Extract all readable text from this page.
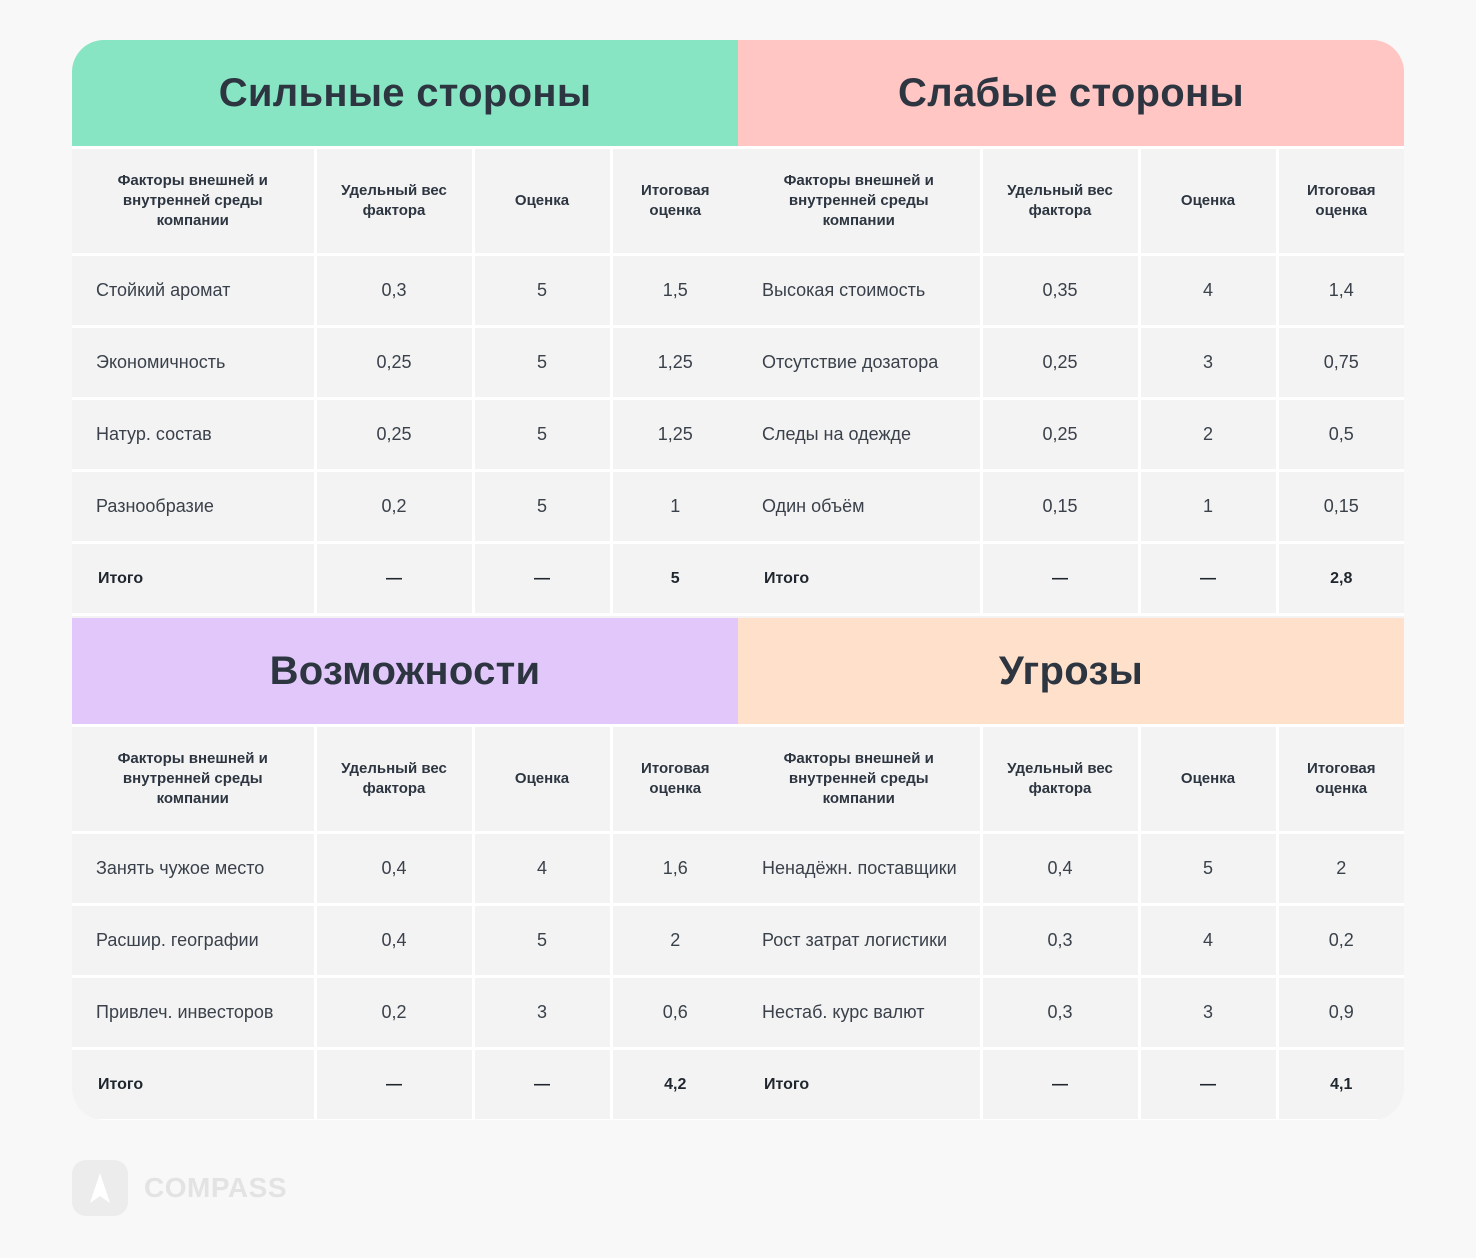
Сильные стороны
Факторы внешней и внутренней среды компании	Удельный вес фактора	Оценка	Итоговая оценка
Стойкий аромат	0,3	5	1,5
Экономичность	0,25	5	1,25
Натур. состав	0,25	5	1,25
Разнообразие	0,2	5	1
Итого	—	—	5
Слабые стороны
Факторы внешней и внутренней среды компании	Удельный вес фактора	Оценка	Итоговая оценка
Высокая стоимость	0,35	4	1,4
Отсутствие дозатора	0,25	3	0,75
Следы на одежде	0,25	2	0,5
Один объём	0,15	1	0,15
Итого	—	—	2,8
Возможности
Факторы внешней и внутренней среды компании	Удельный вес фактора	Оценка	Итоговая оценка
Занять чужое место	0,4	4	1,6
Расшир. географии	0,4	5	2
Привлеч. инвесторов	0,2	3	0,6
Итого	—	—	4,2
Угрозы
Факторы внешней и внутренней среды компании	Удельный вес фактора	Оценка	Итоговая оценка
Ненадёжн. поставщики	0,4	5	2
Рост затрат логистики	0,3	4	0,2
Нестаб. курс валют	0,3	3	0,9
Итого	—	—	4,1
COMPASS
